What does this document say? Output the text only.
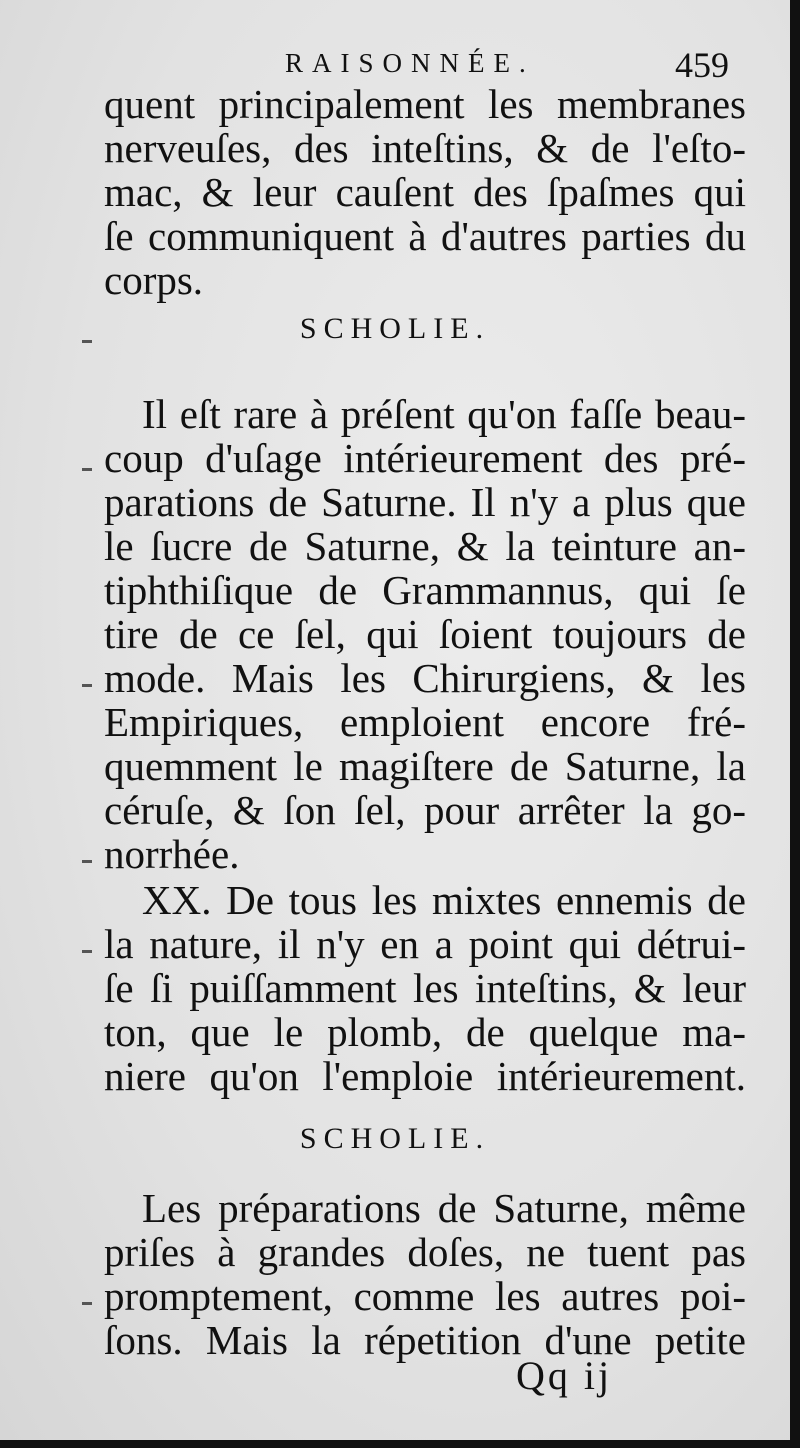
RAISONNÉE.	459
quent principalement les membranes
nerveuſes, des inteſtins, & de l'eſto-
mac, & leur cauſent des ſpaſmes qui
ſe communiquent à d'autres parties du
corps.
SCHOLIE.
Il eſt rare à préſent qu'on faſſe beau-
coup d'uſage intérieurement des pré-
parations de Saturne. Il n'y a plus que
le ſucre de Saturne, & la teinture an-
tiphthiſique de Grammannus, qui ſe
tire de ce ſel, qui ſoient toujours de
mode. Mais les Chirurgiens, & les
Empiriques, emploient encore fré-
quemment le magiſtere de Saturne, la
céruſe, & ſon ſel, pour arrêter la go-
norrhée.
XX. De tous les mixtes ennemis de
la nature, il n'y en a point qui détrui-
ſe ſi puiſſamment les inteſtins, & leur
ton, que le plomb, de quelque ma-
niere qu'on l'emploie intérieurement.
SCHOLIE.
Les préparations de Saturne, même
priſes à grandes doſes, ne tuent pas
promptement, comme les autres poi-
ſons. Mais la répetition d'une petite
Qq ij
